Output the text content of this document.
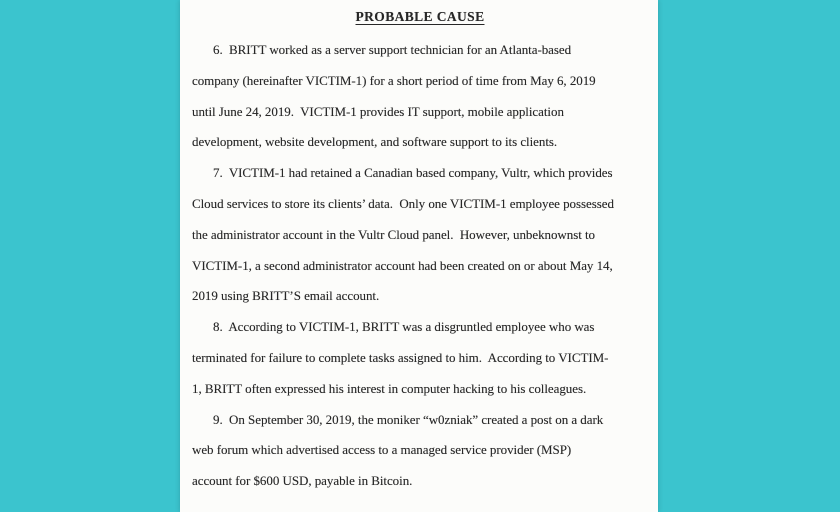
PROBABLE CAUSE
6.  BRITT worked as a server support technician for an Atlanta-based
company (hereinafter VICTIM-1) for a short period of time from May 6, 2019
until June 24, 2019.  VICTIM-1 provides IT support, mobile application
development, website development, and software support to its clients.
7.  VICTIM-1 had retained a Canadian based company, Vultr, which provides
Cloud services to store its clients’ data.  Only one VICTIM-1 employee possessed
the administrator account in the Vultr Cloud panel.  However, unbeknownst to
VICTIM-1, a second administrator account had been created on or about May 14,
2019 using BRITT’S email account.
8.  According to VICTIM-1, BRITT was a disgruntled employee who was
terminated for failure to complete tasks assigned to him.  According to VICTIM-
1, BRITT often expressed his interest in computer hacking to his colleagues.
9.  On September 30, 2019, the moniker “w0zniak” created a post on a dark
web forum which advertised access to a managed service provider (MSP)
account for $600 USD, payable in Bitcoin.
